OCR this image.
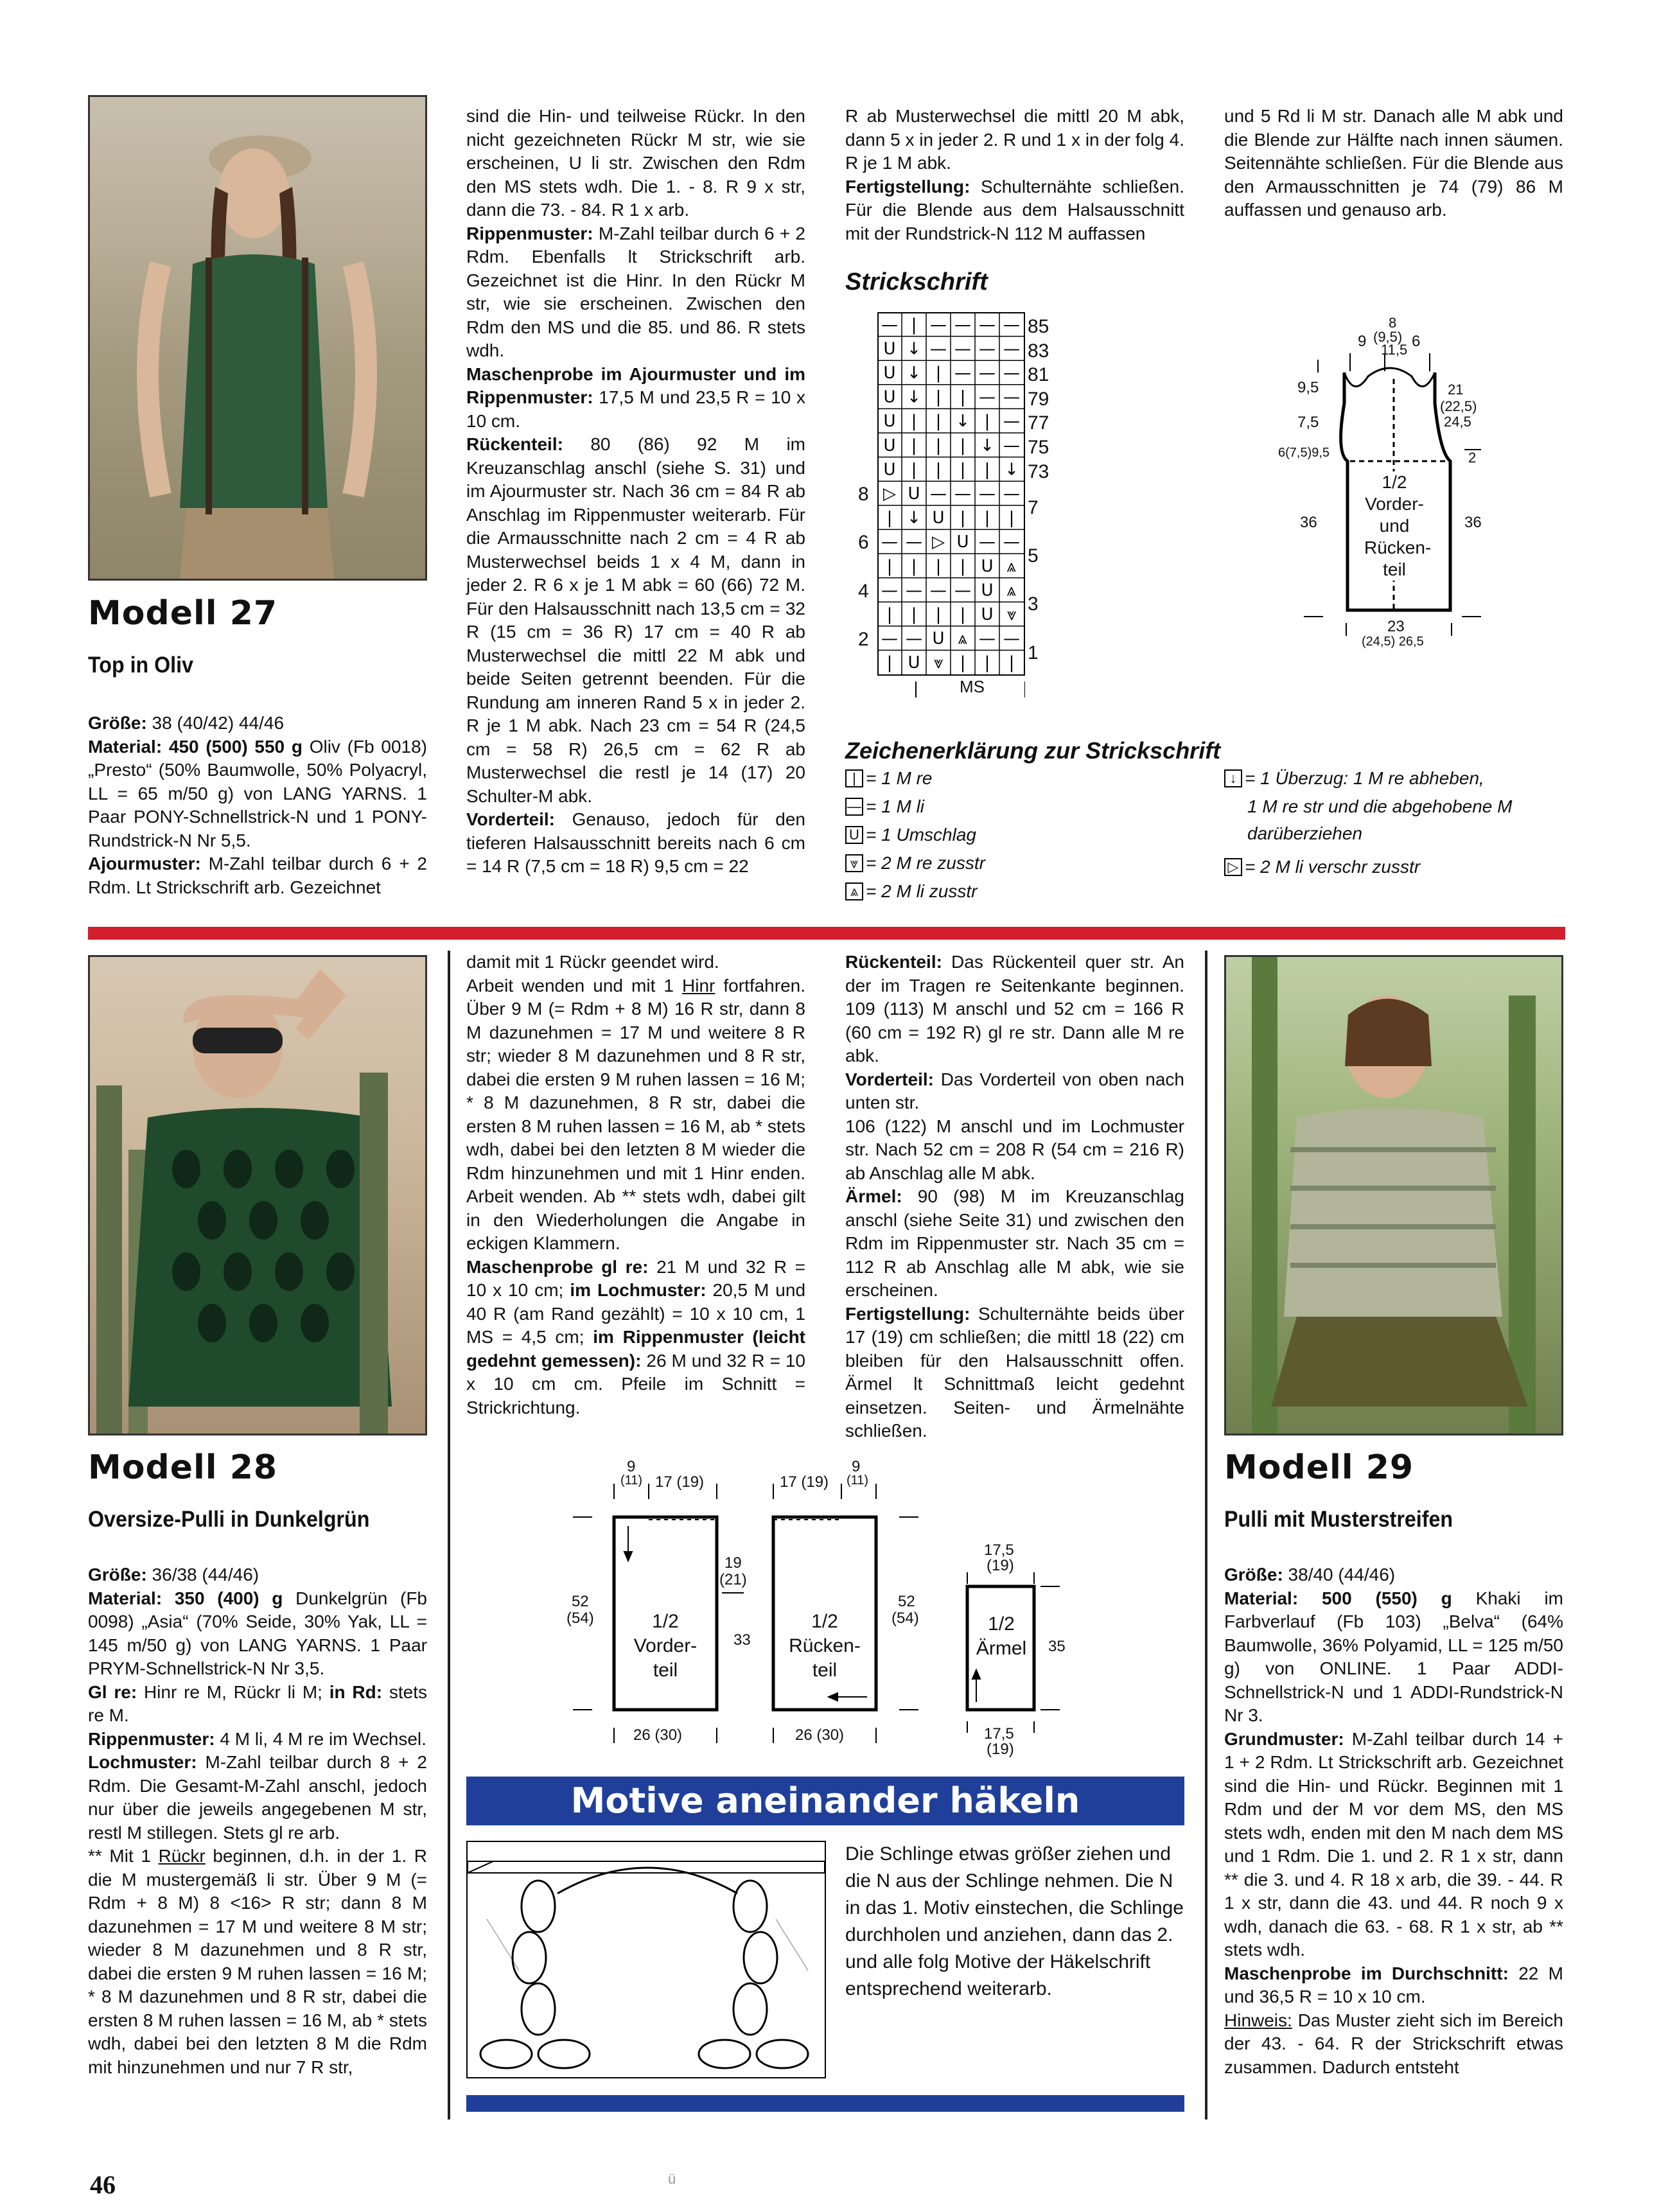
Modell 27
Top in Oliv

Größe: 38 (40/42) 44/46

Material: 450 (500) 550 g Oliv (Fb 0018) „Presto“ (50% Baumwolle, 50% Polyacryl, LL = 65 m/50 g) von LANG YARNS. 1 Paar PONY-Schnellstrick-N und 1 PONY-Rundstrick-N Nr 5,5.

Ajourmuster: M-Zahl teilbar durch 6 + 2 Rdm. Lt Strickschrift arb. Gezeichnet

sind die Hin- und teilweise Rückr. In den nicht gezeichneten Rückr M str, wie sie erscheinen, U li str. Zwischen den Rdm den MS stets wdh. Die 1. - 8. R 9 x str, dann die 73. - 84. R 1 x arb.

Rippenmuster: M-Zahl teilbar durch 6 + 2 Rdm. Ebenfalls lt Strickschrift arb. Gezeichnet ist die Hinr. In den Rückr M str, wie sie erscheinen. Zwischen den Rdm den MS und die 85. und 86. R stets wdh.

Maschenprobe im Ajourmuster und im Rippenmuster: 17,5 M und 23,5 R = 10 x 10 cm.

Rückenteil: 80 (86) 92 M im Kreuzanschlag anschl (siehe S. 31) und im Ajourmuster str. Nach 36 cm = 84 R ab Anschlag im Rippenmuster weiterarb. Für die Armausschnitte nach 2 cm = 4 R ab Musterwechsel beids 1 x 4 M, dann in jeder 2. R 6 x je 1 M abk = 60 (66) 72 M. Für den Halsausschnitt nach 13,5 cm = 32 R (15 cm = 36 R) 17 cm = 40 R ab Musterwechsel die mittl 22 M abk und beide Seiten getrennt beenden. Für die Rundung am inneren Rand 5 x in jeder 2. R je 1 M abk. Nach 23 cm = 54 R (24,5 cm = 58 R) 26,5 cm = 62 R ab Musterwechsel die restl je 14 (17) 20 Schulter-M abk.

Vorderteil: Genauso, jedoch für den tieferen Halsausschnitt bereits nach 6 cm = 14 R (7,5 cm = 18 R) 9,5 cm = 22

R ab Musterwechsel die mittl 20 M abk, dann 5 x in jeder 2. R und 1 x in der folg 4. R je 1 M abk.

Fertigstellung: Schulternähte schließen. Für die Blende aus dem Halsausschnitt mit der Rundstrick-N 112 M auffassen

und 5 Rd li M str. Danach alle M abk und die Blende zur Hälfte nach innen säumen. Seitennähte schließen. Für die Blende aus den Armausschnitten je 74 (79) 86 M auffassen und genauso arb.

Strickschrift
— | — — — —
U ↓ — — — —
U ↓ | — — —
U ↓ | | — —
U | | ↓ | —
U | | | ↓ —
U | | | | ↓
▷ U — — — —
| ↓ U | | |
— — ▷ U — —
| | | | U ⩓
— — — — U ⩓
| | | | U ⩔
— — U ⩓ — —
| U ⩔ | | |
MS
85
83
81
79
77
75
73
7
5
3
1
8
6
4
2
Zeichenerklärung zur Strickschrift
8
(9,5)
11,5
9	6
9,5
7,5
6(7,5)9,5
21
(22,5)
24,5
2
36	36
1/2 Vorder- und Rücken- teil
23
(24,5) 26,5
Modell 28
Oversize-Pulli in Dunkelgrün

Größe: 36/38 (44/46)

Material: 350 (400) g Dunkelgrün (Fb 0098) „Asia“ (70% Seide, 30% Yak, LL = 145 m/50 g) von LANG YARNS. 1 Paar PRYM-Schnellstrick-N Nr 3,5.

Gl re: Hinr re M, Rückr li M; in Rd: stets re M.

Rippenmuster: 4 M li, 4 M re im Wechsel.

Lochmuster: M-Zahl teilbar durch 8 + 2 Rdm. Die Gesamt-M-Zahl anschl, jedoch nur über die jeweils angegebenen M str, restl M stillegen. Stets gl re arb.

** Mit 1 Rückr beginnen, d.h. in der 1. R die M mustergemäß li str. Über 9 M (= Rdm + 8 M) 8 <16> R str; dann 8 M dazunehmen = 17 M und weitere 8 M str; wieder 8 M dazunehmen und 8 R str, dabei die ersten 9 M ruhen lassen = 16 M; * 8 M dazunehmen und 8 R str, dabei die ersten 8 M ruhen lassen = 16 M, ab * stets wdh, dabei bei den letzten 8 M die Rdm mit hinzunehmen und nur 7 R str,

damit mit 1 Rückr geendet wird.

Arbeit wenden und mit 1 Hinr fortfahren. Über 9 M (= Rdm + 8 M) 16 R str, dann 8 M dazunehmen = 17 M und weitere 8 R str; wieder 8 M dazunehmen und 8 R str, dabei die ersten 9 M ruhen lassen = 16 M; * 8 M dazunehmen, 8 R str, dabei die ersten 8 M ruhen lassen = 16 M, ab * stets wdh, dabei bei den letzten 8 M wieder die Rdm hinzunehmen und mit 1 Hinr enden. Arbeit wenden. Ab ** stets wdh, dabei gilt in den Wiederholungen die Angabe in eckigen Klammern.

Maschenprobe gl re: 21 M und 32 R = 10 x 10 cm; im Lochmuster: 20,5 M und 40 R (am Rand gezählt) = 10 x 10 cm, 1 MS = 4,5 cm; im Rippenmuster (leicht gedehnt gemessen): 26 M und 32 R = 10 x 10 cm cm. Pfeile im Schnitt = Strickrichtung.

Rückenteil: Das Rückenteil quer str. An der im Tragen re Seitenkante beginnen. 109 (113) M anschl und 52 cm = 166 R (60 cm = 192 R) gl re str. Dann alle M re abk.

Vorderteil: Das Vorderteil von oben nach unten str.

106 (122) M anschl und im Lochmuster str. Nach 52 cm = 208 R (54 cm = 216 R) ab Anschlag alle M abk.

Ärmel: 90 (98) M im Kreuzanschlag anschl (siehe Seite 31) und zwischen den Rdm im Rippenmuster str. Nach 35 cm = 112 R ab Anschlag alle M abk, wie sie erscheinen.

Fertigstellung: Schulternähte beids über 17 (19) cm schließen; die mittl 18 (22) cm bleiben für den Halsausschnitt offen. Ärmel lt Schnittmaß leicht gedehnt einsetzen. Seiten- und Ärmelnähte schließen.

9
(11) 17 (19)
52
(54)
19
(21)
1/2 Vorder- teil
26 (30)
33
17 (19)
9
(11)
52
(54)
1/2 Rücken- teil
26 (30)
17,5
(19)
1/2 Ärmel 35
17,5
(19)
Motive aneinander häkeln
Die Schlinge etwas größer ziehen und die N aus der Schlinge nehmen. Die N in das 1. Motiv einstechen, die Schlinge durchholen und anziehen, dann das 2. und alle folg Motive der Häkelschrift entsprechend weiterarb.
Modell 29
Pulli mit Musterstreifen

Größe: 38/40 (44/46)

Material: 500 (550) g Khaki im Farbverlauf (Fb 103) „Belva“ (64% Baumwolle, 36% Polyamid, LL = 125 m/50 g) von ONLINE. 1 Paar ADDI-Schnellstrick-N und 1 ADDI-Rundstrick-N Nr 3.

Grundmuster: M-Zahl teilbar durch 14 + 1 + 2 Rdm. Lt Strickschrift arb. Gezeichnet sind die Hin- und Rückr. Beginnen mit 1 Rdm und der M vor dem MS, den MS stets wdh, enden mit den M nach dem MS und 1 Rdm. Die 1. und 2. R 1 x str, dann ** die 3. und 4. R 18 x arb, die 39. - 44. R 1 x str, dann die 43. und 44. R noch 9 x wdh, danach die 63. - 68. R 1 x str, ab ** stets wdh.

Maschenprobe im Durchschnitt: 22 M und 36,5 R = 10 x 10 cm.

Hinweis: Das Muster zieht sich im Bereich der 43. - 64. R der Strickschrift etwas zusammen. Dadurch entsteht

46	ü
| = 1 M re
— = 1 M li
U = 1 Umschlag
⩔ = 2 M re zusstr
⩓ = 2 M li zusstr
↓ = 1 Überzug: 1 M re abheben,
1 M re str und die abgehobene M
darüberziehen
▷ = 2 M li verschr zusstr
